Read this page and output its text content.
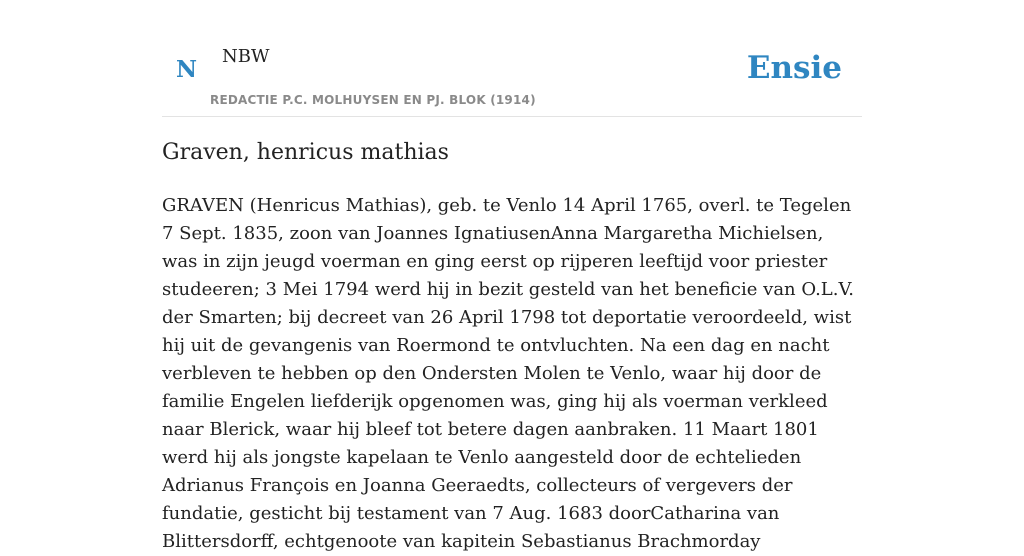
N NBW
REDACTIE P.C. MOLHUYSEN EN PJ. BLOK (1914)
Ensie
Graven, henricus mathias

GRAVEN (Henricus Mathias), geb. te Venlo 14 April 1765, overl. te Tegelen 7 Sept. 1835, zoon van Joannes IgnatiusenAnna Margaretha Michielsen, was in zijn jeugd voerman en ging eerst op rijperen leeftijd voor priester studeeren; 3 Mei 1794 werd hij in bezit gesteld van het beneficie van O.L.V. der Smarten; bij decreet van 26 April 1798 tot deportatie veroordeeld, wist hij uit de gevangenis van Roermond te ontvluchten. Na een dag en nacht verbleven te hebben op den Ondersten Molen te Venlo, waar hij door de familie Engelen liefderijk opgenomen was, ging hij als voerman verkleed naar Blerick, waar hij bleef tot betere dagen aanbraken. 11 Maart 1801 werd hij als jongste kapelaan te Venlo aangesteld door de echtelieden Adrianus François en Joanna Geeraedts, collecteurs of vergevers der fundatie, gesticht bij testament van 7 Aug. 1683 doorCatharina van Blittersdorff, echtgenoote van kapitein Sebastianus Brachmorday
